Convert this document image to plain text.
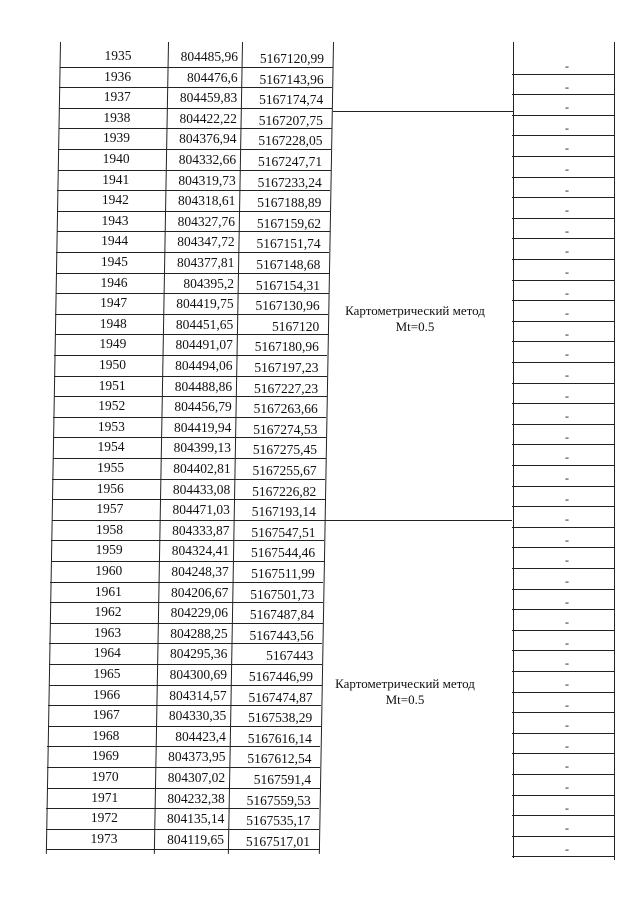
1935	804485,96	5167120,99	-
1936	804476,6	5167143,96	-
1937	804459,83	5167174,74	-
1938	804422,22	5167207,75	-
1939	804376,94	5167228,05	-
1940	804332,66	5167247,71	-
1941	804319,73	5167233,24	-
1942	804318,61	5167188,89	-
1943	804327,76	5167159,62	-
1944	804347,72	5167151,74	-
1945	804377,81	5167148,68	-
1946	804395,2	5167154,31	-
1947	804419,75	5167130,96	-
1948	804451,65	5167120	-
1949	804491,07	5167180,96	-
1950	804494,06	5167197,23	-
1951	804488,86	5167227,23	-
1952	804456,79	5167263,66	-
1953	804419,94	5167274,53	-
1954	804399,13	5167275,45	-
1955	804402,81	5167255,67	-
1956	804433,08	5167226,82	-
1957	804471,03	5167193,14	-
1958	804333,87	5167547,51	-
1959	804324,41	5167544,46	-
1960	804248,37	5167511,99	-
1961	804206,67	5167501,73	-
1962	804229,06	5167487,84	-
1963	804288,25	5167443,56	-
1964	804295,36	5167443	-
1965	804300,69	5167446,99	-
1966	804314,57	5167474,87	-
1967	804330,35	5167538,29	-
1968	804423,4	5167616,14	-
1969	804373,95	5167612,54	-
1970	804307,02	5167591,4	-
1971	804232,38	5167559,53	-
1972	804135,14	5167535,17	-
1973	804119,65	5167517,01	-
Картометрический метод
Mt=0.5
Картометрический метод
Mt=0.5
